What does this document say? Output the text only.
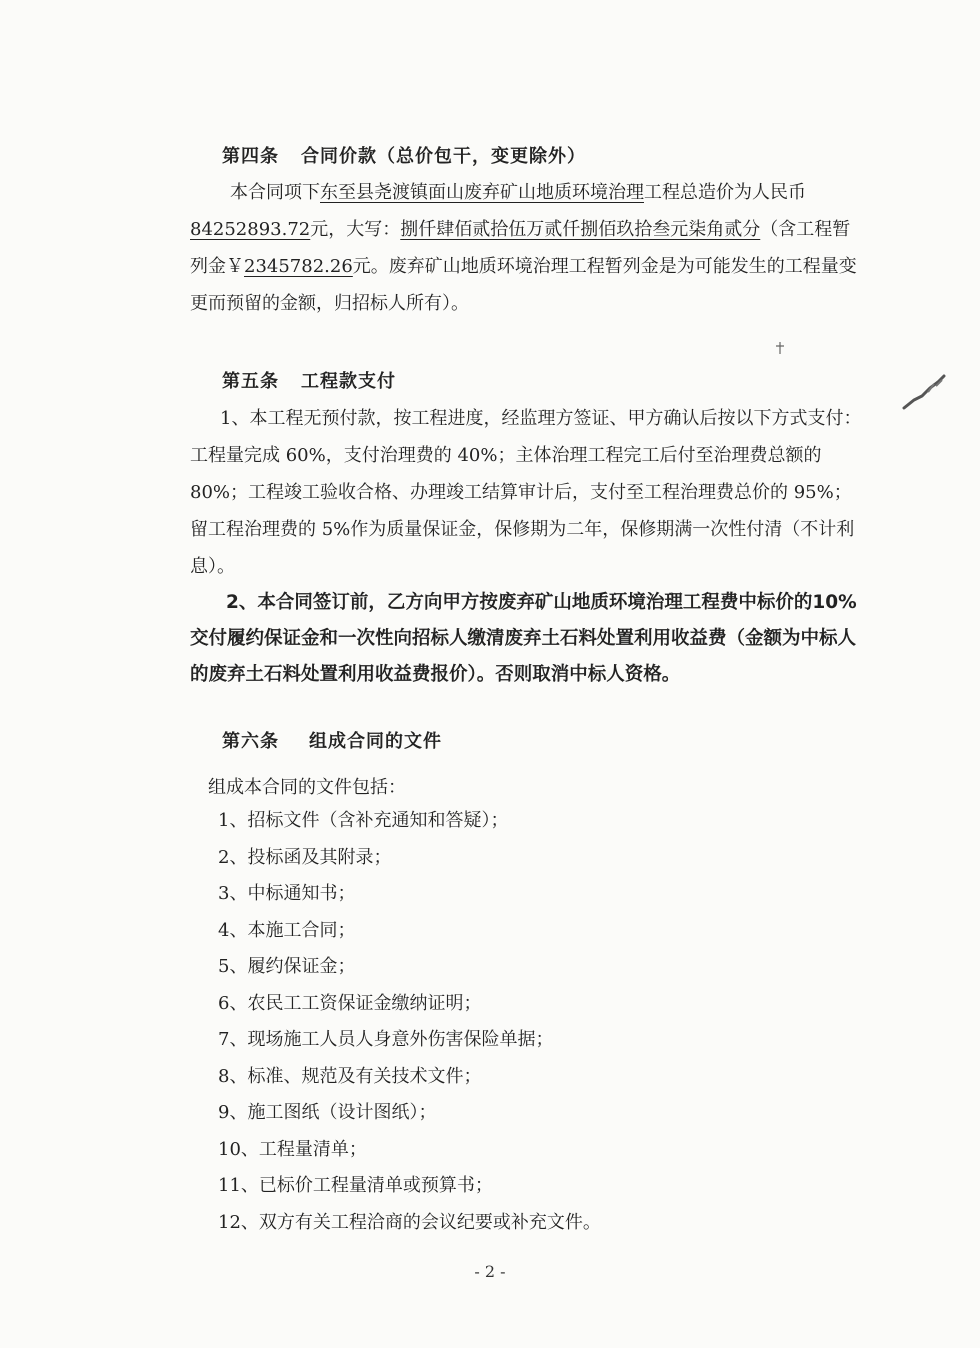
第四条 合同价款（总价包干，变更除外）

本合同项下东至县尧渡镇面山废弃矿山地质环境治理工程总造价为人民币84252893.72元，大写：捌仟肆佰贰拾伍万贰仟捌佰玖拾叁元柒角贰分（含工程暂列金￥2345782.26元。废弃矿山地质环境治理工程暂列金是为可能发生的工程量变更而预留的金额，归招标人所有）。

第五条 工程款支付

1、本工程无预付款，按工程进度，经监理方签证、甲方确认后按以下方式支付：工程量完成 60%，支付治理费的 40%；主体治理工程完工后付至治理费总额的 80%；工程竣工验收合格、办理竣工结算审计后，支付至工程治理费总价的 95%；留工程治理费的 5%作为质量保证金，保修期为二年，保修期满一次性付清（不计利息）。

2、本合同签订前，乙方向甲方按废弃矿山地质环境治理工程费中标价的10%交付履约保证金和一次性向招标人缴清废弃土石料处置利用收益费（金额为中标人的废弃土石料处置利用收益费报价）。否则取消中标人资格。

第六条 组成合同的文件
组成本合同的文件包括：
1、招标文件（含补充通知和答疑）；
2、投标函及其附录；
3、中标通知书；
4、本施工合同；
5、履约保证金；
6、农民工工资保证金缴纳证明；
7、现场施工人员人身意外伤害保险单据；
8、标准、规范及有关技术文件；
9、施工图纸（设计图纸）；
10、工程量清单；
11、已标价工程量清单或预算书；
12、双方有关工程洽商的会议纪要或补充文件。
- 2 -
